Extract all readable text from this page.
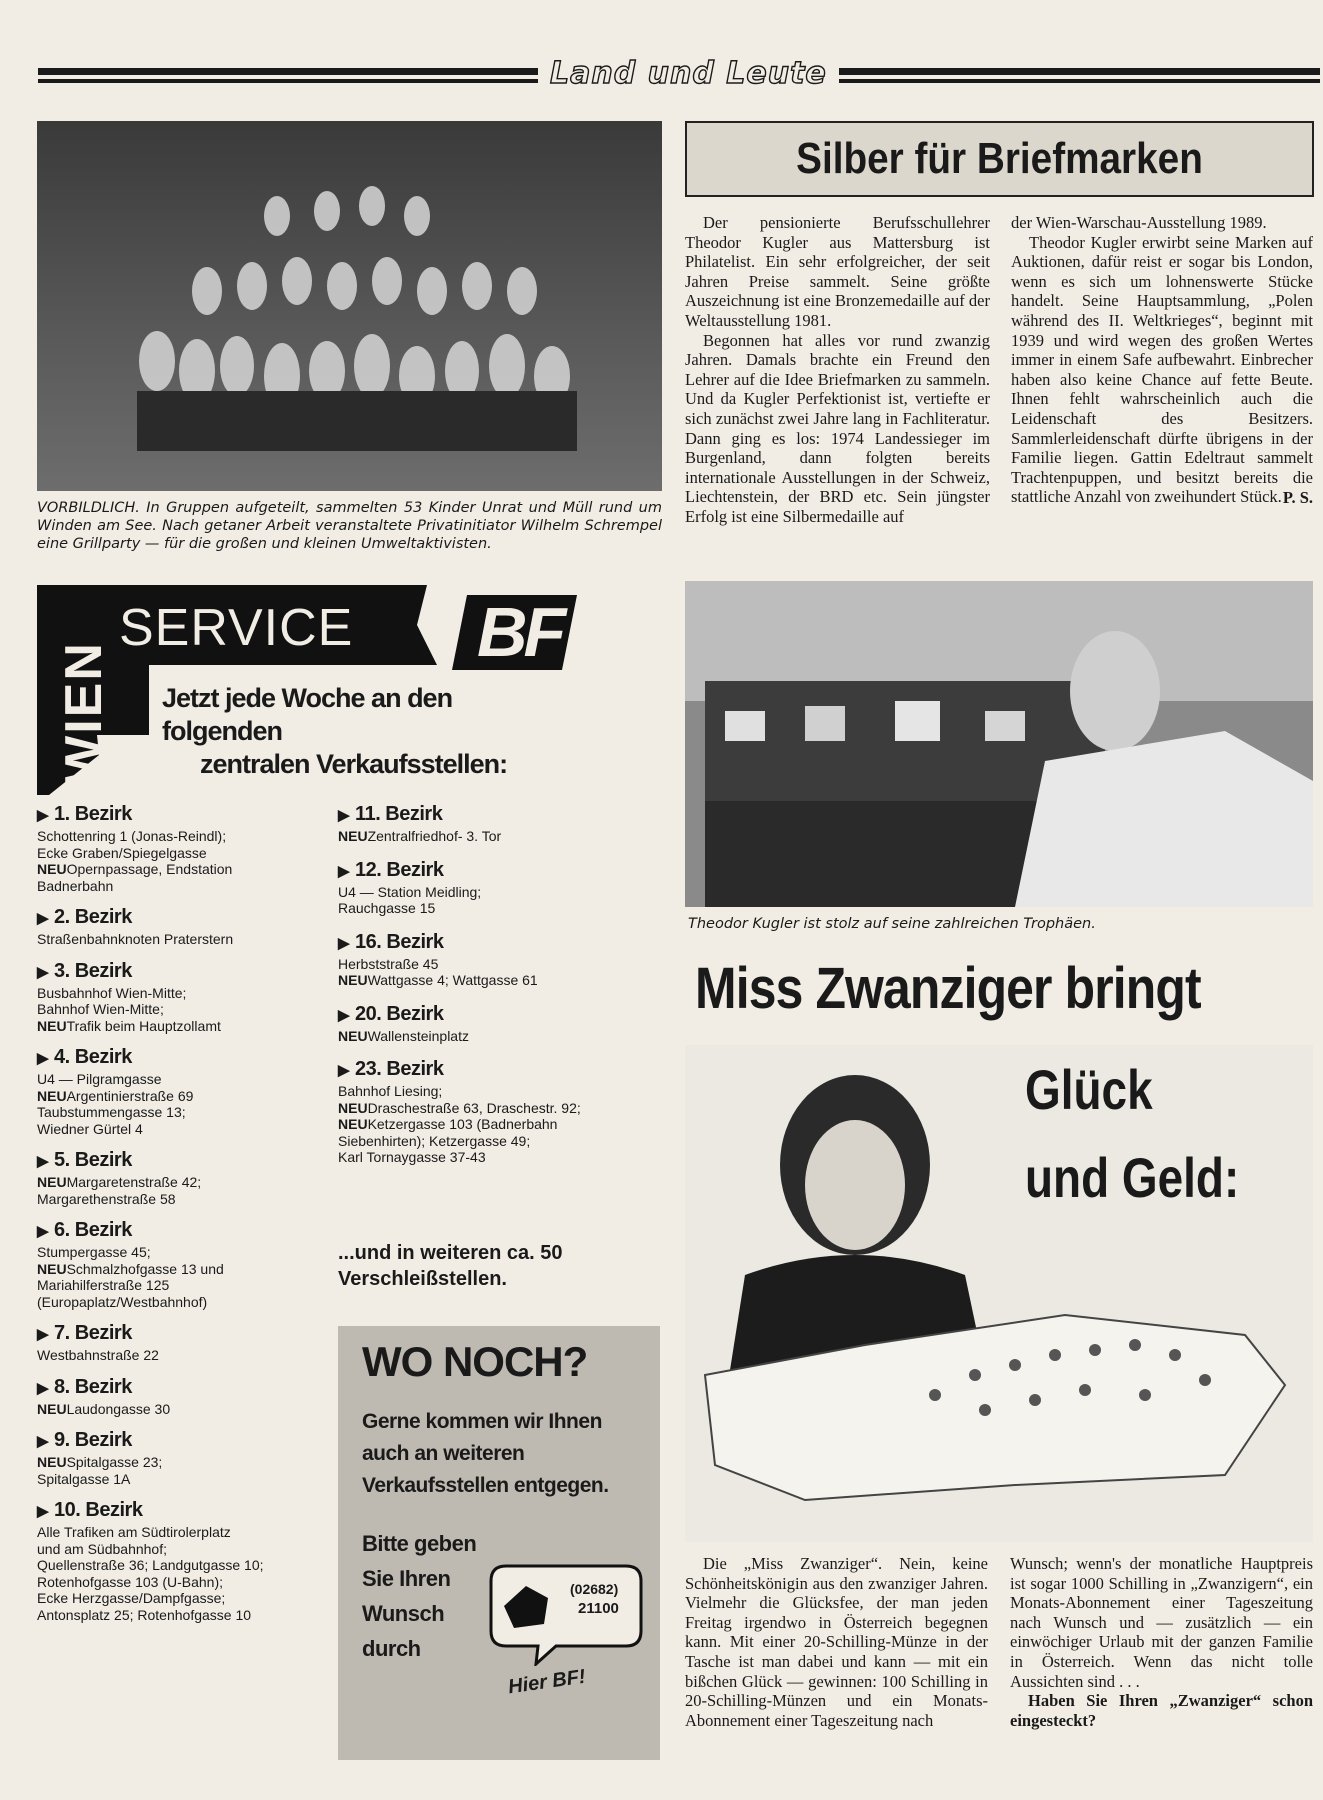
Land und Leute
VORBILDLICH. In Gruppen aufgeteilt, sammelten 53 Kinder Unrat und Müll rund um Winden am See. Nach getaner Arbeit veranstaltete Privatinitiator Wilhelm Schrempel eine Grillparty — für die großen und kleinen Umweltaktivisten.
Silber für Briefmarken

Der pensionierte Berufsschullehrer Theodor Kugler aus Mattersburg ist Philatelist. Ein sehr erfolgreicher, der seit Jahren Preise sammelt. Seine größte Auszeichnung ist eine Bronzemedaille auf der Weltausstellung 1981.

Begonnen hat alles vor rund zwanzig Jahren. Damals brachte ein Freund den Lehrer auf die Idee Briefmarken zu sammeln. Und da Kugler Perfektionist ist, vertiefte er sich zunächst zwei Jahre lang in Fachliteratur. Dann ging es los: 1974 Landessieger im Burgenland, dann folgten bereits internationale Ausstellungen in der Schweiz, Liechtenstein, der BRD etc. Sein jüngster Erfolg ist eine Silbermedaille auf

der Wien-Warschau-Ausstellung 1989.

Theodor Kugler erwirbt seine Marken auf Auktionen, dafür reist er sogar bis London, wenn es sich um lohnenswerte Stücke handelt. Seine Hauptsammlung, „Polen während des II. Weltkrieges“, beginnt mit 1939 und wird wegen des großen Wertes immer in einem Safe aufbewahrt. Einbrecher haben also keine Chance auf fette Beute. Ihnen fehlt wahrscheinlich auch die Leidenschaft des Besitzers. Sammlerleidenschaft dürfte übrigens in der Familie liegen. Gattin Edeltraut sammelt Trachtenpuppen, und besitzt bereits die stattliche Anzahl von zweihundert Stück. P. S.
Theodor Kugler ist stolz auf seine zahlreichen Trophäen.
WIEN
SERVICE BF
Jetzt jede Woche an den
folgenden
zentralen Verkaufsstellen:
▶ 1. Bezirk
Schottenring 1 (Jonas-Reindl);
Ecke Graben/Spiegelgasse
NEUOpernpassage, Endstation
Badnerbahn
▶ 2. Bezirk
Straßenbahnknoten Praterstern
▶ 3. Bezirk
Busbahnhof Wien-Mitte;
Bahnhof Wien-Mitte;
NEUTrafik beim Hauptzollamt
▶ 4. Bezirk
U4 — Pilgramgasse
NEUArgentinierstraße 69
Taubstummengasse 13;
Wiedner Gürtel 4
▶ 5. Bezirk
NEUMargaretenstraße 42;
Margarethenstraße 58
▶ 6. Bezirk
Stumpergasse 45;
NEUSchmalzhofgasse 13 und
Mariahilferstraße 125
(Europaplatz/Westbahnhof)
▶ 7. Bezirk
Westbahnstraße 22
▶ 8. Bezirk
NEULaudongasse 30
▶ 9. Bezirk
NEUSpitalgasse 23;
Spitalgasse 1A
▶ 10. Bezirk
Alle Trafiken am Südtirolerplatz
und am Südbahnhof;
Quellenstraße 36; Landgutgasse 10;
Rotenhofgasse 103 (U-Bahn);
Ecke Herzgasse/Dampfgasse;
Antonsplatz 25; Rotenhofgasse 10
▶ 11. Bezirk
NEUZentralfriedhof- 3. Tor
▶ 12. Bezirk
U4 — Station Meidling;
Rauchgasse 15
▶ 16. Bezirk
Herbststraße 45
NEUWattgasse 4; Wattgasse 61
▶ 20. Bezirk
NEUWallensteinplatz
▶ 23. Bezirk
Bahnhof Liesing;
NEUDraschestraße 63, Draschestr. 92;
NEUKetzergasse 103 (Badnerbahn
Siebenhirten); Ketzergasse 49;
Karl Tornaygasse 37-43
...und in weiteren ca. 50
Verschleißstellen.
WO NOCH?
Gerne kommen wir Ihnen
auch an weiteren
Verkaufsstellen entgegen.
Bitte geben
Sie Ihren
Wunsch
durch
(02682)
21100
Hier BF!
Miss Zwanziger bringt
Glück
und Geld:

Die „Miss Zwanziger“. Nein, keine Schönheitskönigin aus den zwanziger Jahren. Vielmehr die Glücksfee, der man jeden Freitag irgendwo in Österreich begegnen kann. Mit einer 20-Schilling-Münze in der Tasche ist man dabei und kann — mit ein bißchen Glück — gewinnen: 100 Schilling in 20-Schilling-Münzen und ein Monats-Abonnement einer Tageszeitung nach

Wunsch; wenn's der monatliche Hauptpreis ist sogar 1000 Schilling in „Zwanzigern“, ein Monats-Abonnement einer Tageszeitung nach Wunsch und — zusätzlich — ein einwöchiger Urlaub mit der ganzen Familie in Österreich. Wenn das nicht tolle Aussichten sind . . .

Haben Sie Ihren „Zwanziger“ schon eingesteckt?
